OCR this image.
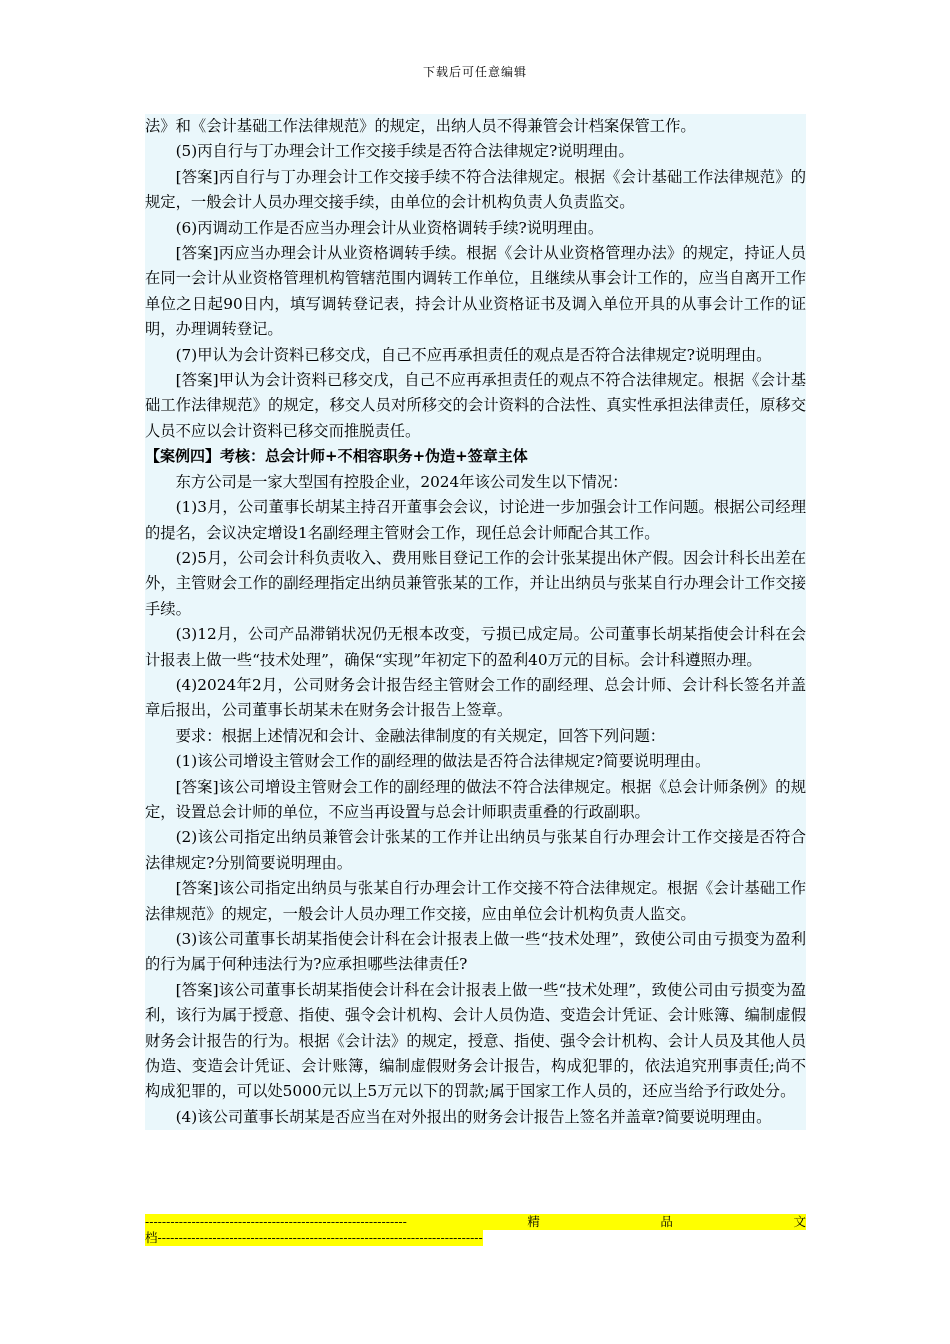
下载后可任意编辑

法》和《会计基础工作法律规范》的规定，出纳人员不得兼管会计档案保管工作。

(5)丙自行与丁办理会计工作交接手续是否符合法律规定?说明理由。

[答案]丙自行与丁办理会计工作交接手续不符合法律规定。根据《会计基础工作法律规范》的规定，一般会计人员办理交接手续，由单位的会计机构负责人负责监交。

(6)丙调动工作是否应当办理会计从业资格调转手续?说明理由。

[答案]丙应当办理会计从业资格调转手续。根据《会计从业资格管理办法》的规定，持证人员在同一会计从业资格管理机构管辖范围内调转工作单位，且继续从事会计工作的，应当自离开工作单位之日起90日内，填写调转登记表，持会计从业资格证书及调入单位开具的从事会计工作的证明，办理调转登记。

(7)甲认为会计资料已移交戊，自己不应再承担责任的观点是否符合法律规定?说明理由。

[答案]甲认为会计资料已移交戊，自己不应再承担责任的观点不符合法律规定。根据《会计基础工作法律规范》的规定，移交人员对所移交的会计资料的合法性、真实性承担法律责任，原移交人员不应以会计资料已移交而推脱责任。

【案例四】考核：总会计师+不相容职务+伪造+签章主体

东方公司是一家大型国有控股企业，2024年该公司发生以下情况：

(1)3月，公司董事长胡某主持召开董事会会议，讨论进一步加强会计工作问题。根据公司经理的提名，会议决定增设1名副经理主管财会工作，现任总会计师配合其工作。

(2)5月，公司会计科负责收入、费用账目登记工作的会计张某提出休产假。因会计科长出差在外，主管财会工作的副经理指定出纳员兼管张某的工作，并让出纳员与张某自行办理会计工作交接手续。

(3)12月，公司产品滞销状况仍无根本改变，亏损已成定局。公司董事长胡某指使会计科在会计报表上做一些“技术处理”，确保“实现”年初定下的盈利40万元的目标。会计科遵照办理。

(4)2024年2月，公司财务会计报告经主管财会工作的副经理、总会计师、会计科长签名并盖章后报出，公司董事长胡某未在财务会计报告上签章。

要求：根据上述情况和会计、金融法律制度的有关规定，回答下列问题：

(1)该公司增设主管财会工作的副经理的做法是否符合法律规定?简要说明理由。

[答案]该公司增设主管财会工作的副经理的做法不符合法律规定。根据《总会计师条例》的规定，设置总会计师的单位，不应当再设置与总会计师职责重叠的行政副职。

(2)该公司指定出纳员兼管会计张某的工作并让出纳员与张某自行办理会计工作交接是否符合法律规定?分别简要说明理由。

[答案]该公司指定出纳员与张某自行办理会计工作交接不符合法律规定。根据《会计基础工作法律规范》的规定，一般会计人员办理工作交接，应由单位会计机构负责人监交。

(3)该公司董事长胡某指使会计科在会计报表上做一些“技术处理”，致使公司由亏损变为盈利的行为属于何种违法行为?应承担哪些法律责任?

[答案]该公司董事长胡某指使会计科在会计报表上做一些“技术处理”，致使公司由亏损变为盈利，该行为属于授意、指使、强令会计机构、会计人员伪造、变造会计凭证、会计账簿、编制虚假财务会计报告的行为。根据《会计法》的规定，授意、指使、强令会计机构、会计人员及其他人员伪造、变造会计凭证、会计账簿，编制虚假财务会计报告，构成犯罪的，依法追究刑事责任;尚不构成犯罪的，可以处5000元以上5万元以下的罚款;属于国家工作人员的，还应当给予行政处分。

(4)该公司董事长胡某是否应当在对外报出的财务会计报告上签名并盖章?简要说明理由。

--------------------------------------------------------------	精	品	文
档-----------------------------------------------------------------------------
